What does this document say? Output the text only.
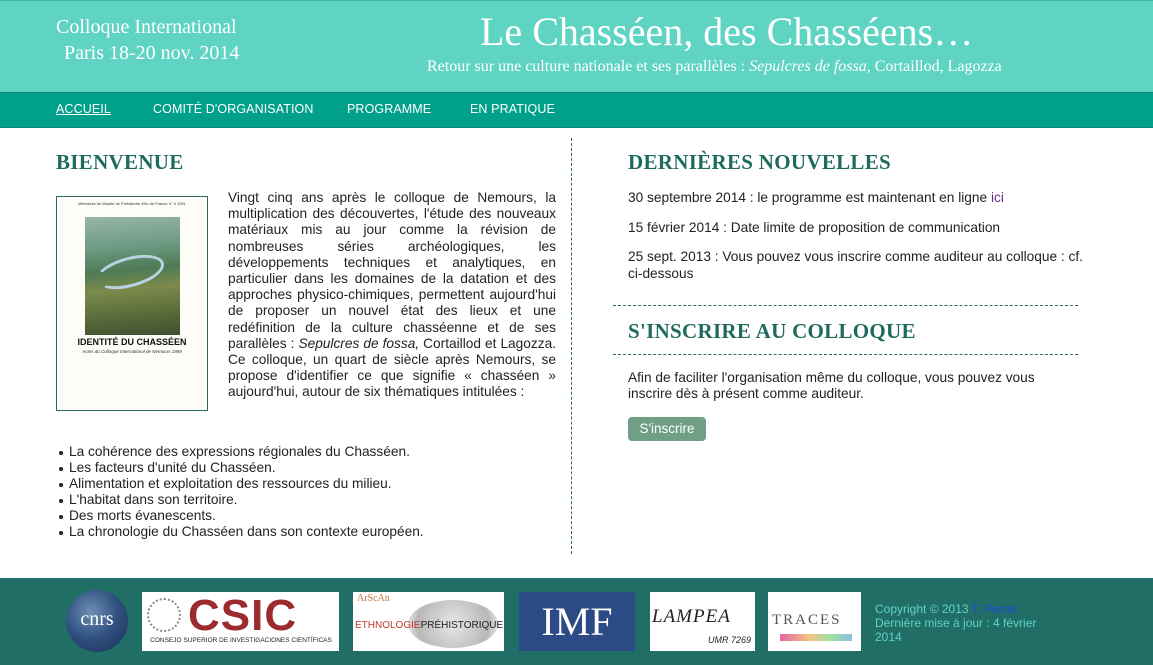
Colloque International
Paris 18-20 nov. 2014	Le Chasséen, des Chasséens…
Retour sur une culture nationale et ses parallèles : Sepulcres de fossa, Cortaillod, Lagozza
ACCUEIL	COMITÉ D'ORGANISATION	PROGRAMME	EN PRATIQUE
BIENVENUE
Mémoires du Musée de Préhistoire d'Ile de France n° 4 1991
IDENTITÉ DU CHASSÉEN
Actes du Colloque International de Nemours 1989
Vingt cinq ans après le colloque de Nemours, la multiplication des découvertes, l'étude des nouveaux matériaux mis au jour comme la révision de nombreuses séries archéologiques, les développements techniques et analytiques, en particulier dans les domaines de la datation et des approches physico-chimiques, permettent aujourd'hui de proposer un nouvel état des lieux et une redéfinition de la culture chasséenne et de ses parallèles : Sepulcres de fossa, Cortaillod et Lagozza. Ce colloque, un quart de siècle après Nemours, se propose d'identifier ce que signifie « chasséen » aujourd'hui, autour de six thématiques intitulées :
La cohérence des expressions régionales du Chasséen.
Les facteurs d'unité du Chasséen.
Alimentation et exploitation des ressources du milieu.
L'habitat dans son territoire.
Des morts évanescents.
La chronologie du Chasséen dans son contexte européen.
DERNIÈRES NOUVELLES

30 septembre 2014 : le programme est maintenant en ligne ici

15 février 2014 : Date limite de proposition de communication

25 sept. 2013 : Vous pouvez vous inscrire comme auditeur au colloque : cf. ci-dessous

S'INSCRIRE AU COLLOQUE
Afin de faciliter l'organisation même du colloque, vous pouvez vous inscrire dès à présent comme auditeur.
S'inscrire
cnrs	CSIC
CONSEJO SUPERIOR DE INVESTIGACIONES CIENTÍFICAS
ArScAn
ETHNOLOGIEPRÉHISTORIQUE IMF	LAMPEA
UMR 7269
TRACES
Copyright © 2013 T. Perrin
Dernière mise à jour : 4 février 2014
